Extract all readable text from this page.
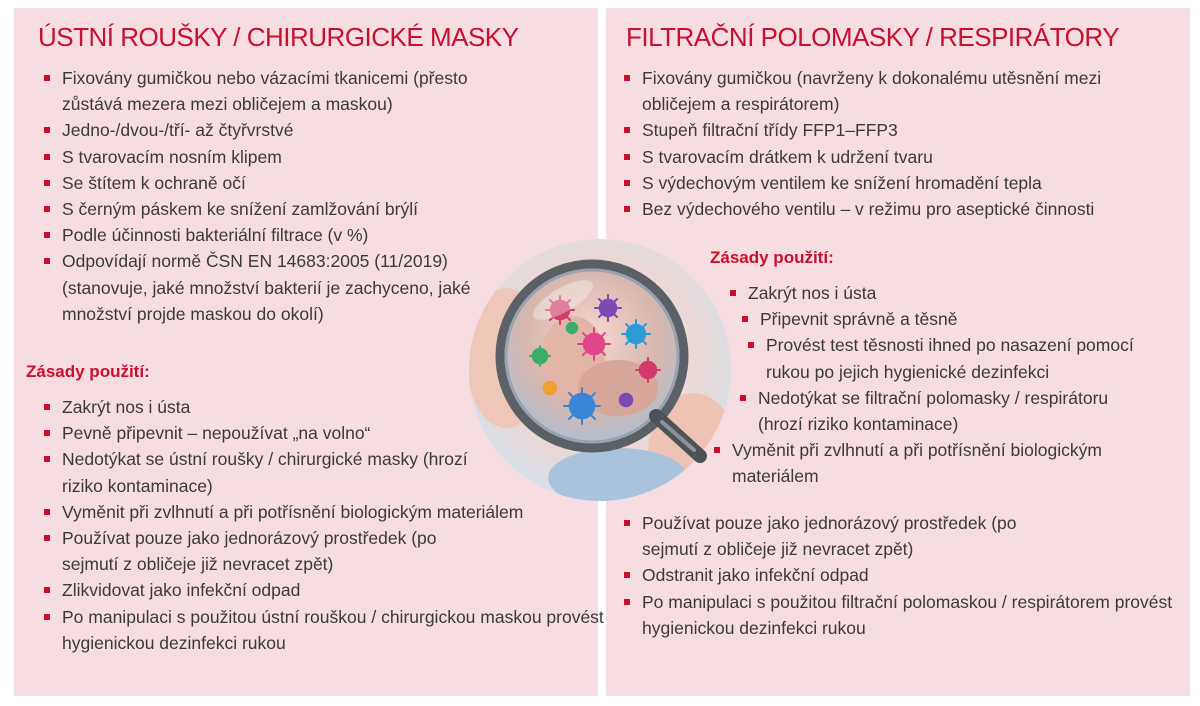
ÚSTNÍ ROUŠKY / CHIRURGICKÉ MASKY
Fixovány gumičkou nebo vázacími tkanicemi (přesto zůstává mezera mezi obličejem a maskou)
Jedno-/dvou-/tří- až čtyřvrstvé
S tvarovacím nosním klipem
Se štítem k ochraně očí
S černým páskem ke snížení zamlžování brýlí
Podle účinnosti bakteriální filtrace (v %)
Odpovídají normě ČSN EN 14683:2005 (11/2019) (stanovuje, jaké množství bakterií je zachyceno, jaké množství projde maskou do okolí)
Zásady použití:
Zakrýt nos i ústa
Pevně připevnit – nepoužívat „na volno“
Nedotýkat se ústní roušky / chirurgické masky (hrozí riziko kontaminace)
Vyměnit při zvlhnutí a při potřísnění biologickým materiálem
Používat pouze jako jednorázový prostředek (po sejmutí z obličeje již nevracet zpět)
Zlikvidovat jako infekční odpad
Po manipulaci s použitou ústní rouškou / chirurgickou maskou provést hygienickou dezinfekci rukou
FILTRAČNÍ POLOMASKY / RESPIRÁTORY
Fixovány gumičkou (navrženy k dokonalému utěsnění mezi obličejem a respirátorem)
Stupeň filtrační třídy FFP1–FFP3
S tvarovacím drátkem k udržení tvaru
S výdechovým ventilem ke snížení hromadění tepla
Bez výdechového ventilu – v režimu pro aseptické činnosti
Zásady použití:
Zakrýt nos i ústa
Připevnit správně a těsně
Provést test těsnosti ihned po nasazení pomocí rukou po jejich hygienické dezinfekci
Nedotýkat se filtrační polomasky / respirátoru (hrozí riziko kontaminace)
Vyměnit při zvlhnutí a při potřísnění biologickým materiálem
Používat pouze jako jednorázový prostředek (po sejmutí z obličeje již nevracet zpět)
Odstranit jako infekční odpad
Po manipulaci s použitou filtrační polomaskou / respirátorem provést hygienickou dezinfekci rukou
